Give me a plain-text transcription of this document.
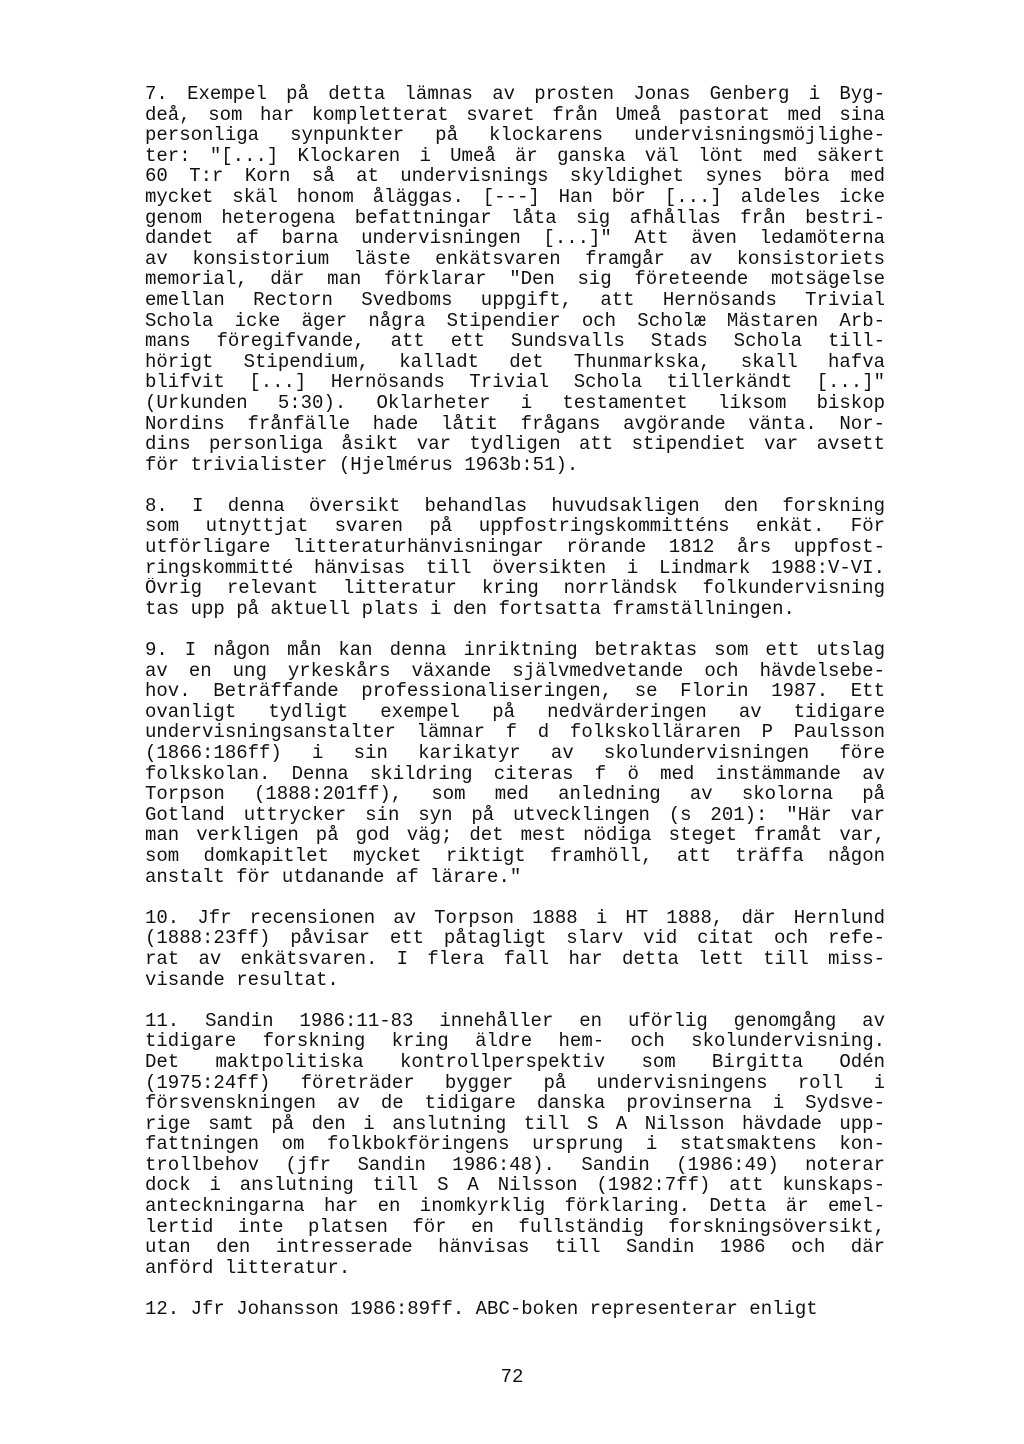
7. Exempel på detta lämnas av prosten Jonas Genberg i Byg-
deå, som har kompletterat svaret från Umeå pastorat med sina
personliga synpunkter på klockarens undervisningsmöjlighe-
ter: "[...] Klockaren i Umeå är ganska väl lönt med säkert
60 T:r Korn så at undervisnings skyldighet synes böra med
mycket skäl honom åläggas. [---] Han bör [...] aldeles icke
genom heterogena befattningar låta sig afhållas från bestri-
dandet af barna undervisningen [...]" Att även ledamöterna
av konsistorium läste enkätsvaren framgår av konsistoriets
memorial, där man förklarar "Den sig företeende motsägelse
emellan Rectorn Svedboms uppgift, att Hernösands Trivial
Schola icke äger några Stipendier och Scholæ Mästaren Arb-
mans föregifvande, att ett Sundsvalls Stads Schola till-
hörigt Stipendium, kalladt det Thunmarkska, skall hafva
blifvit [...] Hernösands Trivial Schola tillerkändt [...]"
(Urkunden 5:30). Oklarheter i testamentet liksom biskop
Nordins frånfälle hade låtit frågans avgörande vänta. Nor-
dins personliga åsikt var tydligen att stipendiet var avsett
för trivialister (Hjelmérus 1963b:51).
8. I denna översikt behandlas huvudsakligen den forskning
som utnyttjat svaren på uppfostringskommitténs enkät. För
utförligare litteraturhänvisningar rörande 1812 års uppfost-
ringskommitté hänvisas till översikten i Lindmark 1988:V-VI.
Övrig relevant litteratur kring norrländsk folkundervisning
tas upp på aktuell plats i den fortsatta framställningen.
9. I någon mån kan denna inriktning betraktas som ett utslag
av en ung yrkeskårs växande självmedvetande och hävdelsebe-
hov. Beträffande professionaliseringen, se Florin 1987. Ett
ovanligt tydligt exempel på nedvärderingen av tidigare
undervisningsanstalter lämnar f d folkskolläraren P Paulsson
(1866:186ff) i sin karikatyr av skolundervisningen före
folkskolan. Denna skildring citeras f ö med instämmande av
Torpson (1888:201ff), som med anledning av skolorna på
Gotland uttrycker sin syn på utvecklingen (s 201): "Här var
man verkligen på god väg; det mest nödiga steget framåt var,
som domkapitlet mycket riktigt framhöll, att träffa någon
anstalt för utdanande af lärare."
10. Jfr recensionen av Torpson 1888 i HT 1888, där Hernlund
(1888:23ff) påvisar ett påtagligt slarv vid citat och refe-
rat av enkätsvaren. I flera fall har detta lett till miss-
visande resultat.
11. Sandin 1986:11-83 innehåller en uförlig genomgång av
tidigare forskning kring äldre hem- och skolundervisning.
Det maktpolitiska kontrollperspektiv som Birgitta Odén
(1975:24ff) företräder bygger på undervisningens roll i
försvenskningen av de tidigare danska provinserna i Sydsve-
rige samt på den i anslutning till S A Nilsson hävdade upp-
fattningen om folkbokföringens ursprung i statsmaktens kon-
trollbehov (jfr Sandin 1986:48). Sandin (1986:49) noterar
dock i anslutning till S A Nilsson (1982:7ff) att kunskaps-
anteckningarna har en inomkyrklig förklaring. Detta är emel-
lertid inte platsen för en fullständig forskningsöversikt,
utan den intresserade hänvisas till Sandin 1986 och där
anförd litteratur.
12. Jfr Johansson 1986:89ff. ABC-boken representerar enligt
72
